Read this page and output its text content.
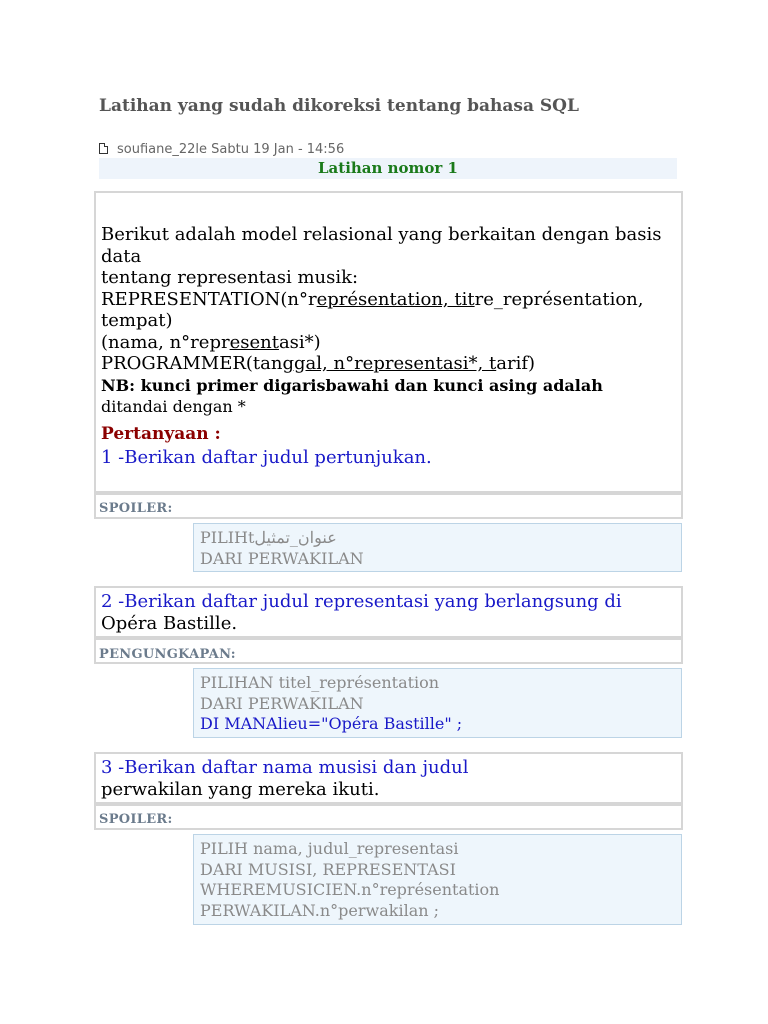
Latihan yang sudah dikoreksi tentang bahasa SQL
soufiane_22le Sabtu 19 Jan - 14:56
Latihan nomor 1
Berikut adalah model relasional yang berkaitan dengan basis data
tentang representasi musik:
REPRESENTATION(n°représentation, titre_représentation,
tempat)
(nama, n°representasi*)
PROGRAMMER(tanggal, n°representasi*, tarif)
NB: kunci primer digarisbawahi dan kunci asing adalah
ditandai dengan *
Pertanyaan :
1 -Berikan daftar judul pertunjukan.
SPOILER:
PILIHtعنوان_تمثيل
DARI PERWAKILAN
2 -Berikan daftar judul representasi yang berlangsung di
Opéra Bastille.
PENGUNGKAPAN:
PILIHAN titel_représentation
DARI PERWAKILAN
DI MANAlieu="Opéra Bastille" ;
3 -Berikan daftar nama musisi dan judul
perwakilan yang mereka ikuti.
SPOILER:
PILIH nama, judul_representasi
DARI MUSISI, REPRESENTASI
WHEREMUSICIEN.n°représentation
PERWAKILAN.n°perwakilan ;
